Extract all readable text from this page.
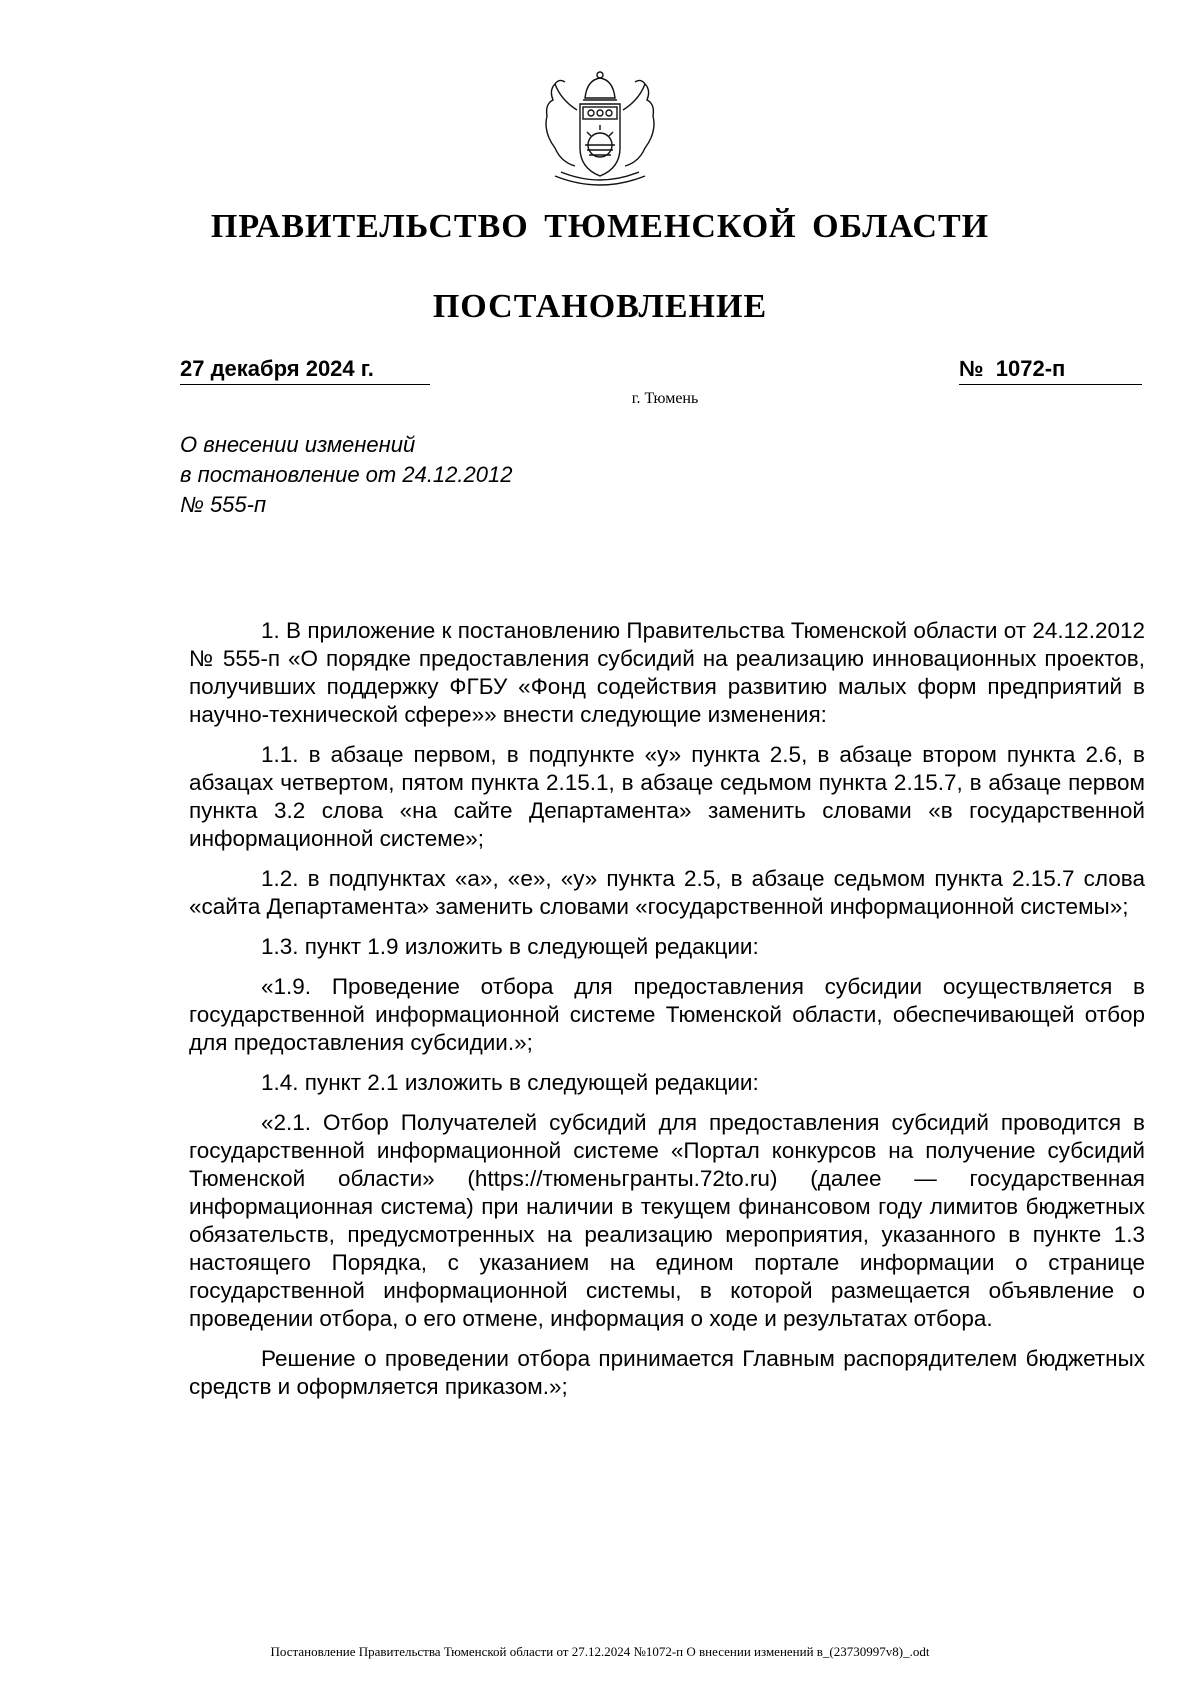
ПРАВИТЕЛЬСТВО ТЮМЕНСКОЙ ОБЛАСТИ
ПОСТАНОВЛЕНИЕ
27 декабря 2024 г.	№  1072-п
г. Тюмень
О внесении изменений
в постановление от 24.12.2012
№ 555-п

1. В приложение к постановлению Правительства Тюменской области от 24.12.2012 № 555-п «О порядке предоставления субсидий на реализацию инновационных проектов, получивших поддержку ФГБУ «Фонд содействия развитию малых форм предприятий в научно-технической сфере»» внести следующие изменения:

1.1. в абзаце первом, в подпункте «у» пункта 2.5, в абзаце втором пункта 2.6, в абзацах четвертом, пятом пункта 2.15.1, в абзаце седьмом пункта 2.15.7, в абзаце первом пункта 3.2 слова «на сайте Департамента» заменить словами «в государственной информационной системе»;

1.2. в подпунктах «а», «е», «у» пункта 2.5, в абзаце седьмом пункта 2.15.7 слова «сайта Департамента» заменить словами «государственной информационной системы»;

1.3. пункт 1.9 изложить в следующей редакции:

«1.9. Проведение отбора для предоставления субсидии осуществляется в государственной информационной системе Тюменской области, обеспечивающей отбор для предоставления субсидии.»;

1.4. пункт 2.1 изложить в следующей редакции:

«2.1. Отбор Получателей субсидий для предоставления субсидий проводится в государственной информационной системе «Портал конкурсов на получение субсидий Тюменской области» (https://тюменьгранты.72to.ru) (далее — государственная информационная система) при наличии в текущем финансовом году лимитов бюджетных обязательств, предусмотренных на реализацию мероприятия, указанного в пункте 1.3 настоящего Порядка, с указанием на едином портале информации о странице государственной информационной системы, в которой размещается объявление о проведении отбора, о его отмене, информация о ходе и результатах отбора.

Решение о проведении отбора принимается Главным распорядителем бюджетных средств и оформляется приказом.»;

Постановление Правительства Тюменской области от 27.12.2024 №1072-п О внесении изменений в_(23730997v8)_.odt
